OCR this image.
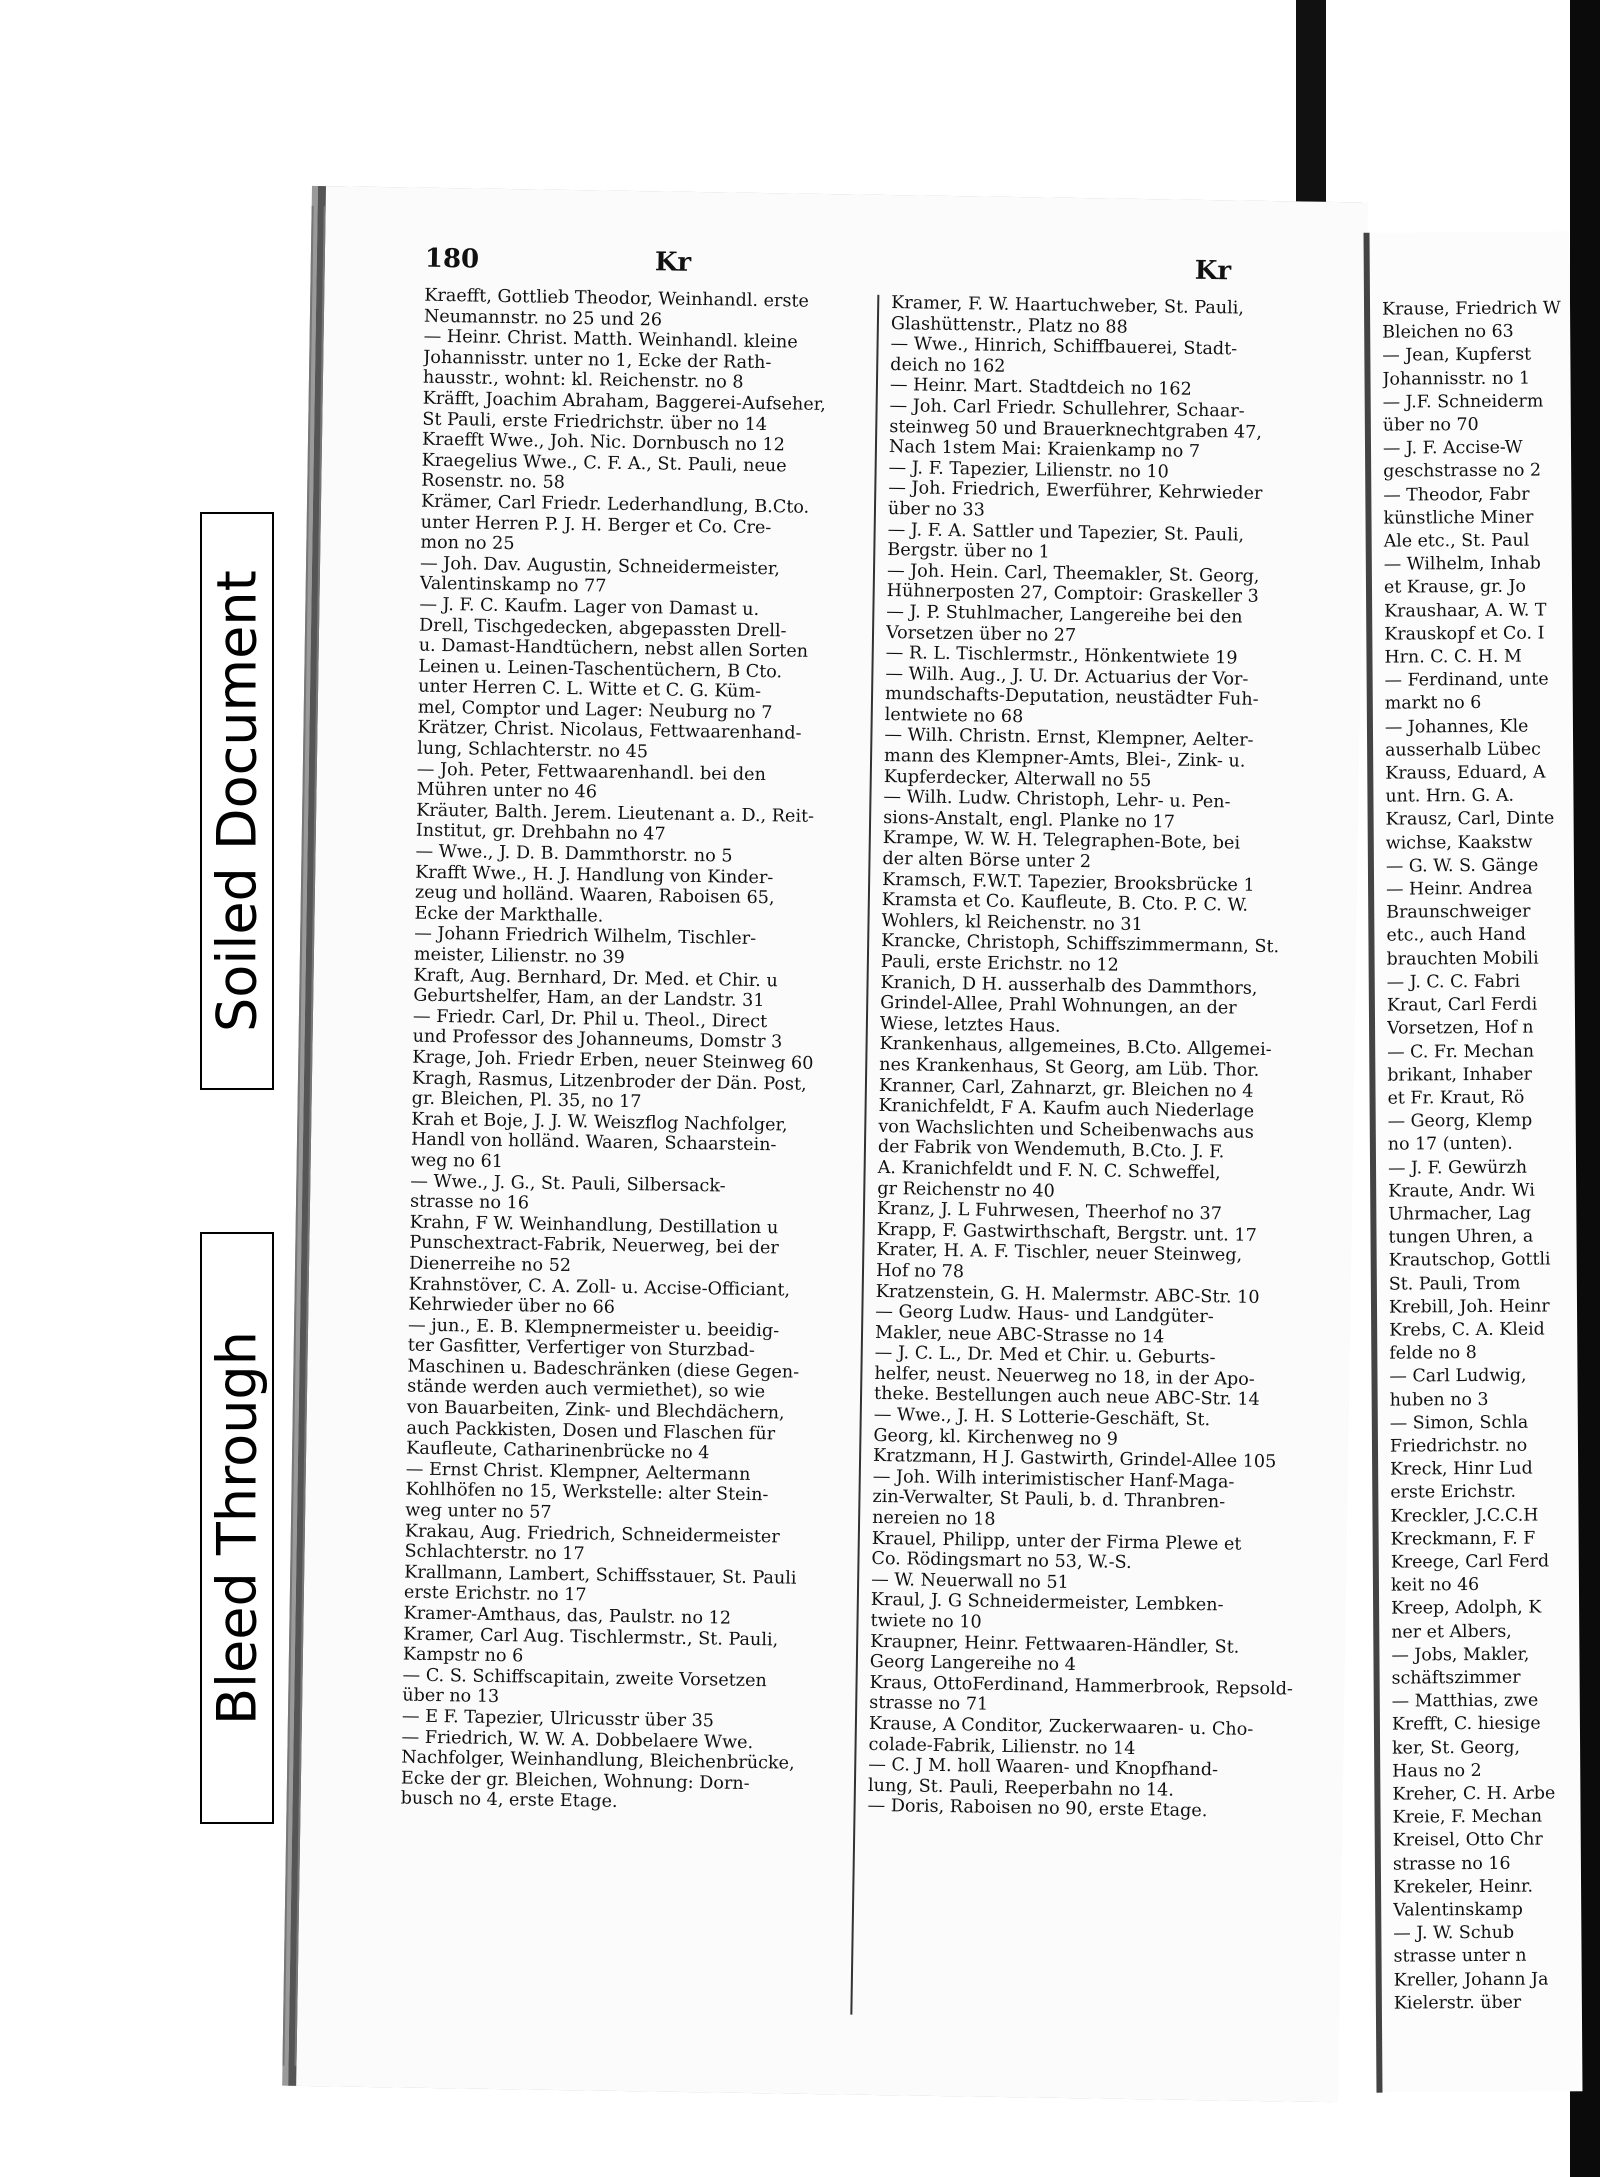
Soiled Document
Bleed Through
180	Kr	Kr
Kraefft, Gottlieb Theodor, Weinhandl. erste
Neumannstr. no 25 und 26
— Heinr. Christ. Matth. Weinhandl. kleine
Johannisstr. unter no 1, Ecke der Rath-
hausstr., wohnt: kl. Reichenstr. no 8
Kräfft, Joachim Abraham, Baggerei-Aufseher,
St Pauli, erste Friedrichstr. über no 14
Kraefft Wwe., Joh. Nic. Dornbusch no 12
Kraegelius Wwe., C. F. A., St. Pauli, neue
Rosenstr. no. 58
Krämer, Carl Friedr. Lederhandlung, B.Cto.
unter Herren P. J. H. Berger et Co. Cre-
mon no 25
— Joh. Dav. Augustin, Schneidermeister,
Valentinskamp no 77
— J. F. C. Kaufm. Lager von Damast u.
Drell, Tischgedecken, abgepassten Drell-
u. Damast-Handtüchern, nebst allen Sorten
Leinen u. Leinen-Taschentüchern, B Cto.
unter Herren C. L. Witte et C. G. Küm-
mel, Comptor und Lager: Neuburg no 7
Krätzer, Christ. Nicolaus, Fettwaarenhand-
lung, Schlachterstr. no 45
— Joh. Peter, Fettwaarenhandl. bei den
Mühren unter no 46
Kräuter, Balth. Jerem. Lieutenant a. D., Reit-
Institut, gr. Drehbahn no 47
— Wwe., J. D. B. Dammthorstr. no 5
Krafft Wwe., H. J. Handlung von Kinder-
zeug und holländ. Waaren, Raboisen 65,
Ecke der Markthalle.
— Johann Friedrich Wilhelm, Tischler-
meister, Lilienstr. no 39
Kraft, Aug. Bernhard, Dr. Med. et Chir. u
Geburtshelfer, Ham, an der Landstr. 31
— Friedr. Carl, Dr. Phil u. Theol., Direct
und Professor des Johanneums, Domstr 3
Krage, Joh. Friedr Erben, neuer Steinweg 60
Kragh, Rasmus, Litzenbroder der Dän. Post,
gr. Bleichen, Pl. 35, no 17
Krah et Boje, J. J. W. Weiszflog Nachfolger,
Handl von holländ. Waaren, Schaarstein-
weg no 61
— Wwe., J. G., St. Pauli, Silbersack-
strasse no 16
Krahn, F W. Weinhandlung, Destillation u
Punschextract-Fabrik, Neuerweg, bei der
Dienerreihe no 52
Krahnstöver, C. A. Zoll- u. Accise-Officiant,
Kehrwieder über no 66
— jun., E. B. Klempnermeister u. beeidig-
ter Gasfitter, Verfertiger von Sturzbad-
Maschinen u. Badeschränken (diese Gegen-
stände werden auch vermiethet), so wie
von Bauarbeiten, Zink- und Blechdächern,
auch Packkisten, Dosen und Flaschen für
Kaufleute, Catharinenbrücke no 4
— Ernst Christ. Klempner, Aeltermann
Kohlhöfen no 15, Werkstelle: alter Stein-
weg unter no 57
Krakau, Aug. Friedrich, Schneidermeister
Schlachterstr. no 17
Krallmann, Lambert, Schiffsstauer, St. Pauli
erste Erichstr. no 17
Kramer-Amthaus, das, Paulstr. no 12
Kramer, Carl Aug. Tischlermstr., St. Pauli,
Kampstr no 6
— C. S. Schiffscapitain, zweite Vorsetzen
über no 13
— E F. Tapezier, Ulricusstr über 35
— Friedrich, W. W. A. Dobbelaere Wwe.
Nachfolger, Weinhandlung, Bleichenbrücke,
Ecke der gr. Bleichen, Wohnung: Dorn-
busch no 4, erste Etage.
Kramer, F. W. Haartuchweber, St. Pauli,
Glashüttenstr., Platz no 88
— Wwe., Hinrich, Schiffbauerei, Stadt-
deich no 162
— Heinr. Mart. Stadtdeich no 162
— Joh. Carl Friedr. Schullehrer, Schaar-
steinweg 50 und Brauerknechtgraben 47,
Nach 1stem Mai: Kraienkamp no 7
— J. F. Tapezier, Lilienstr. no 10
— Joh. Friedrich, Ewerführer, Kehrwieder
über no 33
— J. F. A. Sattler und Tapezier, St. Pauli,
Bergstr. über no 1
— Joh. Hein. Carl, Theemakler, St. Georg,
Hühnerposten 27, Comptoir: Graskeller 3
— J. P. Stuhlmacher, Langereihe bei den
Vorsetzen über no 27
— R. L. Tischlermstr., Hönkentwiete 19
— Wilh. Aug., J. U. Dr. Actuarius der Vor-
mundschafts-Deputation, neustädter Fuh-
lentwiete no 68
— Wilh. Christn. Ernst, Klempner, Aelter-
mann des Klempner-Amts, Blei-, Zink- u.
Kupferdecker, Alterwall no 55
— Wilh. Ludw. Christoph, Lehr- u. Pen-
sions-Anstalt, engl. Planke no 17
Krampe, W. W. H. Telegraphen-Bote, bei
der alten Börse unter 2
Kramsch, F.W.T. Tapezier, Brooksbrücke 1
Kramsta et Co. Kaufleute, B. Cto. P. C. W.
Wohlers, kl Reichenstr. no 31
Krancke, Christoph, Schiffszimmermann, St.
Pauli, erste Erichstr. no 12
Kranich, D H. ausserhalb des Dammthors,
Grindel-Allee, Prahl Wohnungen, an der
Wiese, letztes Haus.
Krankenhaus, allgemeines, B.Cto. Allgemei-
nes Krankenhaus, St Georg, am Lüb. Thor.
Kranner, Carl, Zahnarzt, gr. Bleichen no 4
Kranichfeldt, F A. Kaufm auch Niederlage
von Wachslichten und Scheibenwachs aus
der Fabrik von Wendemuth, B.Cto. J. F.
A. Kranichfeldt und F. N. C. Schweffel,
gr Reichenstr no 40
Kranz, J. L Fuhrwesen, Theerhof no 37
Krapp, F. Gastwirthschaft, Bergstr. unt. 17
Krater, H. A. F. Tischler, neuer Steinweg,
Hof no 78
Kratzenstein, G. H. Malermstr. ABC-Str. 10
— Georg Ludw. Haus- und Landgüter-
Makler, neue ABC-Strasse no 14
— J. C. L., Dr. Med et Chir. u. Geburts-
helfer, neust. Neuerweg no 18, in der Apo-
theke. Bestellungen auch neue ABC-Str. 14
— Wwe., J. H. S Lotterie-Geschäft, St.
Georg, kl. Kirchenweg no 9
Kratzmann, H J. Gastwirth, Grindel-Allee 105
— Joh. Wilh interimistischer Hanf-Maga-
zin-Verwalter, St Pauli, b. d. Thranbren-
nereien no 18
Krauel, Philipp, unter der Firma Plewe et
Co. Rödingsmart no 53, W.-S.
— W. Neuerwall no 51
Kraul, J. G Schneidermeister, Lembken-
twiete no 10
Kraupner, Heinr. Fettwaaren-Händler, St.
Georg Langereihe no 4
Kraus, OttoFerdinand, Hammerbrook, Repsold-
strasse no 71
Krause, A Conditor, Zuckerwaaren- u. Cho-
colade-Fabrik, Lilienstr. no 14
— C. J M. holl Waaren- und Knopfhand-
lung, St. Pauli, Reeperbahn no 14.
— Doris, Raboisen no 90, erste Etage.
Krause, Friedrich W
Bleichen no 63
— Jean, Kupferst
Johannisstr. no 1
— J.F. Schneiderm
über no 70
— J. F. Accise-W
geschstrasse no 2
— Theodor, Fabr
künstliche Miner
Ale etc., St. Paul
— Wilhelm, Inhab
et Krause, gr. Jo
Kraushaar, A. W. T
Krauskopf et Co. I
Hrn. C. C. H. M
— Ferdinand, unte
markt no 6
— Johannes, Kle
ausserhalb Lübec
Krauss, Eduard, A
unt. Hrn. G. A.
Krausz, Carl, Dinte
wichse, Kaakstw
— G. W. S. Gänge
— Heinr. Andrea
Braunschweiger
etc., auch Hand
brauchten Mobili
— J. C. C. Fabri
Kraut, Carl Ferdi
Vorsetzen, Hof n
— C. Fr. Mechan
brikant, Inhaber
et Fr. Kraut, Rö
— Georg, Klemp
no 17 (unten).
— J. F. Gewürzh
Kraute, Andr. Wi
Uhrmacher, Lag
tungen Uhren, a
Krautschop, Gottli
St. Pauli, Trom
Krebill, Joh. Heinr
Krebs, C. A. Kleid
felde no 8
— Carl Ludwig,
huben no 3
— Simon, Schla
Friedrichstr. no
Kreck, Hinr Lud
erste Erichstr.
Kreckler, J.C.C.H
Kreckmann, F. F
Kreege, Carl Ferd
keit no 46
Kreep, Adolph, K
ner et Albers,
— Jobs, Makler,
schäftszimmer
— Matthias, zwe
Krefft, C. hiesige
ker, St. Georg,
Haus no 2
Kreher, C. H. Arbe
Kreie, F. Mechan
Kreisel, Otto Chr
strasse no 16
Krekeler, Heinr.
Valentinskamp
— J. W. Schub
strasse unter n
Kreller, Johann Ja
Kielerstr. über
